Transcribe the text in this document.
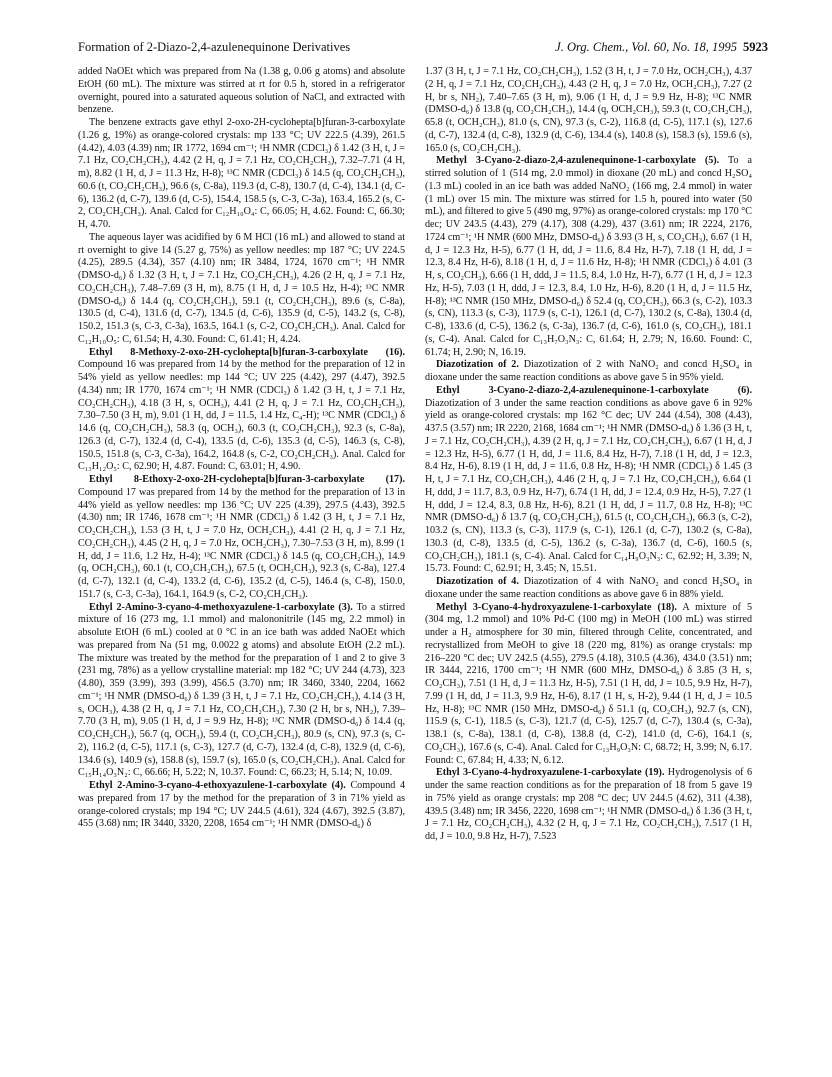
Formation of 2-Diazo-2,4-azulenequinone Derivatives	J. Org. Chem., Vol. 60, No. 18, 1995 5923

added NaOEt which was prepared from Na (1.38 g, 0.06 g atoms) and absolute EtOH (60 mL). The mixture was stirred at rt for 0.5 h, stored in a refrigerator overnight, poured into a saturated aqueous solution of NaCl, and extracted with benzene.

The benzene extracts gave ethyl 2-oxo-2H-cyclohepta[b]furan-3-carboxylate (1.26 g, 19%) as orange-colored crystals: mp 133 °C; UV 222.5 (4.39), 261.5 (4.42), 4.03 (4.39) nm; IR 1772, 1694 cm⁻¹; ¹H NMR (CDCl₃) δ 1.42 (3 H, t, J = 7.1 Hz, CO₂CH₂CH₃), 4.42 (2 H, q, J = 7.1 Hz, CO₂CH₂CH₃), 7.32–7.71 (4 H, m), 8.82 (1 H, d, J = 11.3 Hz, H-8); ¹³C NMR (CDCl₃) δ 14.5 (q, CO₂CH₂CH₃), 60.6 (t, CO₂CH₂CH₃), 96.6 (s, C-8a), 119.3 (d, C-8), 130.7 (d, C-4), 134.1 (d, C-6), 136.2 (d, C-7), 139.6 (d, C-5), 154.4, 158.5 (s, C-3, C-3a), 163.4, 165.2 (s, C-2, CO₂CH₂CH₃). Anal. Calcd for C₁₂H₁₀O₄: C, 66.05; H, 4.62. Found: C, 66.30; H, 4.70.

The aqueous layer was acidified by 6 M HCl (16 mL) and allowed to stand at rt overnight to give 14 (5.27 g, 75%) as yellow needles: mp 187 °C; UV 224.5 (4.25), 289.5 (4.34), 357 (4.10) nm; IR 3484, 1724, 1670 cm⁻¹; ¹H NMR (DMSO-d₆) δ 1.32 (3 H, t, J = 7.1 Hz, CO₂CH₂CH₃), 4.26 (2 H, q, J = 7.1 Hz, CO₂CH₂CH₃), 7.48–7.69 (3 H, m), 8.75 (1 H, d, J = 10.5 Hz, H-4); ¹³C NMR (DMSO-d₆) δ 14.4 (q, CO₂CH₂CH₃), 59.1 (t, CO₂CH₂CH₃), 89.6 (s, C-8a), 130.5 (d, C-4), 131.6 (d, C-7), 134.5 (d, C-6), 135.9 (d, C-5), 143.2 (s, C-8), 150.2, 151.3 (s, C-3, C-3a), 163.5, 164.1 (s, C-2, CO₂CH₂CH₃). Anal. Calcd for C₁₂H₁₀O₅: C, 61.54; H, 4.30. Found: C, 61.41; H, 4.24.

Ethyl 8-Methoxy-2-oxo-2H-cyclohepta[b]furan-3-carboxylate (16). Compound 16 was prepared from 14 by the method for the preparation of 12 in 54% yield as yellow needles: mp 144 °C; UV 225 (4.42), 297 (4.47), 392.5 (4.34) nm; IR 1770, 1674 cm⁻¹; ¹H NMR (CDCl₃) δ 1.42 (3 H, t, J = 7.1 Hz, CO₂CH₂CH₃), 4.18 (3 H, s, OCH₃), 4.41 (2 H, q, J = 7.1 Hz, CO₂CH₂CH₃), 7.30–7.50 (3 H, m), 9.01 (1 H, dd, J = 11.5, 1.4 Hz, C₄-H); ¹³C NMR (CDCl₃) δ 14.6 (q, CO₂CH₂CH₃), 58.3 (q, OCH₃), 60.3 (t, CO₂CH₂CH₃), 92.3 (s, C-8a), 126.3 (d, C-7), 132.4 (d, C-4), 133.5 (d, C-6), 135.3 (d, C-5), 146.3 (s, C-8), 150.5, 151.8 (s, C-3, C-3a), 164.2, 164.8 (s, C-2, CO₂CH₂CH₃). Anal. Calcd for C₁₃H₁₂O₅: C, 62.90; H, 4.87. Found: C, 63.01; H, 4.90.

Ethyl 8-Ethoxy-2-oxo-2H-cyclohepta[b]furan-3-carboxylate (17). Compound 17 was prepared from 14 by the method for the preparation of 13 in 44% yield as yellow needles: mp 136 °C; UV 225 (4.39), 297.5 (4.43), 392.5 (4.30) nm; IR 1746, 1678 cm⁻¹; ¹H NMR (CDCl₃) δ 1.42 (3 H, t, J = 7.1 Hz, CO₂CH₂CH₃), 1.53 (3 H, t, J = 7.0 Hz, OCH₂CH₃), 4.41 (2 H, q, J = 7.1 Hz, CO₂CH₂CH₃), 4.45 (2 H, q, J = 7.0 Hz, OCH₂CH₃), 7.30–7.53 (3 H, m), 8.99 (1 H, dd, J = 11.6, 1.2 Hz, H-4); ¹³C NMR (CDCl₃) δ 14.5 (q, CO₂CH₂CH₃), 14.9 (q, OCH₂CH₃), 60.1 (t, CO₂CH₂CH₃), 67.5 (t, OCH₂CH₃), 92.3 (s, C-8a), 127.4 (d, C-7), 132.1 (d, C-4), 133.2 (d, C-6), 135.2 (d, C-5), 146.4 (s, C-8), 150.0, 151.7 (s, C-3, C-3a), 164.1, 164.9 (s, C-2, CO₂CH₂CH₃).

Ethyl 2-Amino-3-cyano-4-methoxyazulene-1-carboxylate (3). To a stirred mixture of 16 (273 mg, 1.1 mmol) and malononitrile (145 mg, 2.2 mmol) in absolute EtOH (6 mL) cooled at 0 °C in an ice bath was added NaOEt which was prepared from Na (51 mg, 0.0022 g atoms) and absolute EtOH (2.2 mL). The mixture was treated by the method for the preparation of 1 and 2 to give 3 (231 mg, 78%) as a yellow crystalline material: mp 182 °C; UV 244 (4.73), 323 (4.80), 359 (3.99), 393 (3.99), 456.5 (3.70) nm; IR 3460, 3340, 2204, 1662 cm⁻¹; ¹H NMR (DMSO-d₆) δ 1.39 (3 H, t, J = 7.1 Hz, CO₂CH₂CH₃), 4.14 (3 H, s, OCH₃), 4.38 (2 H, q, J = 7.1 Hz, CO₂CH₂CH₃), 7.30 (2 H, br s, NH₂), 7.39–7.70 (3 H, m), 9.05 (1 H, d, J = 9.9 Hz, H-8); ¹³C NMR (DMSO-d₆) δ 14.4 (q, CO₂CH₂CH₃), 56.7 (q, OCH₃), 59.4 (t, CO₂CH₂CH₃), 80.9 (s, CN), 97.3 (s, C-2), 116.2 (d, C-5), 117.1 (s, C-3), 127.7 (d, C-7), 132.4 (d, C-8), 132.9 (d, C-6), 134.6 (s), 140.9 (s), 158.8 (s), 159.7 (s), 165.0 (s, CO₂CH₂CH₃). Anal. Calcd for C₁₅H₁₄O₃N₂: C, 66.66; H, 5.22; N, 10.37. Found: C, 66.23; H, 5.14; N, 10.09.

Ethyl 2-Amino-3-cyano-4-ethoxyazulene-1-carboxylate (4). Compound 4 was prepared from 17 by the method for the preparation of 3 in 71% yield as orange-colored crystals; mp 194 °C; UV 244.5 (4.61), 324 (4.67), 392.5 (3.87), 455 (3.68) nm; IR 3440, 3320, 2208, 1654 cm⁻¹; ¹H NMR (DMSO-d₆) δ

1.37 (3 H, t, J = 7.1 Hz, CO₂CH₂CH₃), 1.52 (3 H, t, J = 7.0 Hz, OCH₂CH₃), 4.37 (2 H, q, J = 7.1 Hz, CO₂CH₂CH₃), 4.43 (2 H, q, J = 7.0 Hz, OCH₂CH₃), 7.27 (2 H, br s, NH₂), 7.40–7.65 (3 H, m), 9.06 (1 H, d, J = 9.9 Hz, H-8); ¹³C NMR (DMSO-d₆) δ 13.8 (q, CO₂CH₂CH₃), 14.4 (q, OCH₂CH₃), 59.3 (t, CO₂CH₂CH₃), 65.8 (t, OCH₂CH₃), 81.0 (s, CN), 97.3 (s, C-2), 116.8 (d, C-5), 117.1 (s), 127.6 (d, C-7), 132.4 (d, C-8), 132.9 (d, C-6), 134.4 (s), 140.8 (s), 158.3 (s), 159.6 (s), 165.0 (s, CO₂CH₂CH₃).

Methyl 3-Cyano-2-diazo-2,4-azulenequinone-1-carboxylate (5). To a stirred solution of 1 (514 mg, 2.0 mmol) in dioxane (20 mL) and concd H₂SO₄ (1.3 mL) cooled in an ice bath was added NaNO₂ (166 mg, 2.4 mmol) in water (1 mL) over 15 min. The mixture was stirred for 1.5 h, poured into water (50 mL), and filtered to give 5 (490 mg, 97%) as orange-colored crystals: mp 170 °C dec; UV 243.5 (4.43), 279 (4.17), 308 (4.29), 437 (3.61) nm; IR 2224, 2176, 1724 cm⁻¹; ¹H NMR (600 MHz, DMSO-d₆) δ 3.93 (3 H, s, CO₂CH₃), 6.67 (1 H, d, J = 12.3 Hz, H-5), 6.77 (1 H, dd, J = 11.6, 8.4 Hz, H-7), 7.18 (1 H, dd, J = 12.3, 8.4 Hz, H-6), 8.18 (1 H, d, J = 11.6 Hz, H-8); ¹H NMR (CDCl₃) δ 4.01 (3 H, s, CO₂CH₃), 6.66 (1 H, ddd, J = 11.5, 8.4, 1.0 Hz, H-7), 6.77 (1 H, d, J = 12.3 Hz, H-5), 7.03 (1 H, ddd, J = 12.3, 8.4, 1.0 Hz, H-6), 8.20 (1 H, d, J = 11.5 Hz, H-8); ¹³C NMR (150 MHz, DMSO-d₆) δ 52.4 (q, CO₂CH₃), 66.3 (s, C-2), 103.3 (s, CN), 113.3 (s, C-3), 117.9 (s, C-1), 126.1 (d, C-7), 130.2 (s, C-8a), 130.4 (d, C-8), 133.6 (d, C-5), 136.2 (s, C-3a), 136.7 (d, C-6), 161.0 (s, CO₂CH₃), 181.1 (s, C-4). Anal. Calcd for C₁₃H₇O₃N₃: C, 61.64; H, 2.79; N, 16.60. Found: C, 61.74; H, 2.90; N, 16.19.

Diazotization of 2. Diazotization of 2 with NaNO₂ and concd H₂SO₄ in dioxane under the same reaction conditions as above gave 5 in 95% yield.

Ethyl 3-Cyano-2-diazo-2,4-azulenequinone-1-carboxylate (6). Diazotization of 3 under the same reaction conditions as above gave 6 in 92% yield as orange-colored crystals: mp 162 °C dec; UV 244 (4.54), 308 (4.43), 437.5 (3.57) nm; IR 2220, 2168, 1684 cm⁻¹; ¹H NMR (DMSO-d₆) δ 1.36 (3 H, t, J = 7.1 Hz, CO₂CH₂CH₃), 4.39 (2 H, q, J = 7.1 Hz, CO₂CH₂CH₃), 6.67 (1 H, d, J = 12.3 Hz, H-5), 6.77 (1 H, dd, J = 11.6, 8.4 Hz, H-7), 7.18 (1 H, dd, J = 12.3, 8.4 Hz, H-6), 8.19 (1 H, dd, J = 11.6, 0.8 Hz, H-8); ¹H NMR (CDCl₃) δ 1.45 (3 H, t, J = 7.1 Hz, CO₂CH₂CH₃), 4.46 (2 H, q, J = 7.1 Hz, CO₂CH₂CH₃), 6.64 (1 H, ddd, J = 11.7, 8.3, 0.9 Hz, H-7), 6.74 (1 H, dd, J = 12.4, 0.9 Hz, H-5), 7.27 (1 H, ddd, J = 12.4, 8.3, 0.8 Hz, H-6), 8.21 (1 H, dd, J = 11.7, 0.8 Hz, H-8); ¹³C NMR (DMSO-d₆) δ 13.7 (q, CO₂CH₂CH₃), 61.5 (t, CO₂CH₂CH₃), 66.3 (s, C-2), 103.2 (s, CN), 113.3 (s, C-3), 117.9 (s, C-1), 126.1 (d, C-7), 130.2 (s, C-8a), 130.3 (d, C-8), 133.5 (d, C-5), 136.2 (s, C-3a), 136.7 (d, C-6), 160.5 (s, CO₂CH₂CH₃), 181.1 (s, C-4). Anal. Calcd for C₁₄H₉O₃N₃: C, 62.92; H, 3.39; N, 15.73. Found: C, 62.91; H, 3.45; N, 15.51.

Diazotization of 4. Diazotization of 4 with NaNO₂ and concd H₂SO₄ in dioxane under the same reaction conditions as above gave 6 in 88% yield.

Methyl 3-Cyano-4-hydroxyazulene-1-carboxylate (18). A mixture of 5 (304 mg, 1.2 mmol) and 10% Pd-C (100 mg) in MeOH (100 mL) was stirred under a H₂ atmosphere for 30 min, filtered through Celite, concentrated, and recrystallized from MeOH to give 18 (220 mg, 81%) as orange crystals: mp 216–220 °C dec; UV 242.5 (4.55), 279.5 (4.18), 310.5 (4.36), 434.0 (3.51) nm; IR 3444, 2216, 1700 cm⁻¹; ¹H NMR (600 MHz, DMSO-d₆) δ 3.85 (3 H, s, CO₂CH₃), 7.51 (1 H, d, J = 11.3 Hz, H-5), 7.51 (1 H, dd, J = 10.5, 9.9 Hz, H-7), 7.99 (1 H, dd, J = 11.3, 9.9 Hz, H-6), 8.17 (1 H, s, H-2), 9.44 (1 H, d, J = 10.5 Hz, H-8); ¹³C NMR (150 MHz, DMSO-d₆) δ 51.1 (q, CO₂CH₃), 92.7 (s, CN), 115.9 (s, C-1), 118.5 (s, C-3), 121.7 (d, C-5), 125.7 (d, C-7), 130.4 (s, C-3a), 138.1 (s, C-8a), 138.1 (d, C-8), 138.8 (d, C-2), 141.0 (d, C-6), 164.1 (s, CO₂CH₃), 167.6 (s, C-4). Anal. Calcd for C₁₃H₉O₃N: C, 68.72; H, 3.99; N, 6.17. Found: C, 67.84; H, 4.33; N, 6.12.

Ethyl 3-Cyano-4-hydroxyazulene-1-carboxylate (19). Hydrogenolysis of 6 under the same reaction conditions as for the preparation of 18 from 5 gave 19 in 75% yield as orange crystals: mp 208 °C dec; UV 244.5 (4.62), 311 (4.38), 439.5 (3.48) nm; IR 3456, 2220, 1698 cm⁻¹; ¹H NMR (DMSO-d₆) δ 1.36 (3 H, t, J = 7.1 Hz, CO₂CH₂CH₃), 4.32 (2 H, q, J = 7.1 Hz, CO₂CH₂CH₃), 7.517 (1 H, dd, J = 10.0, 9.8 Hz, H-7), 7.523
